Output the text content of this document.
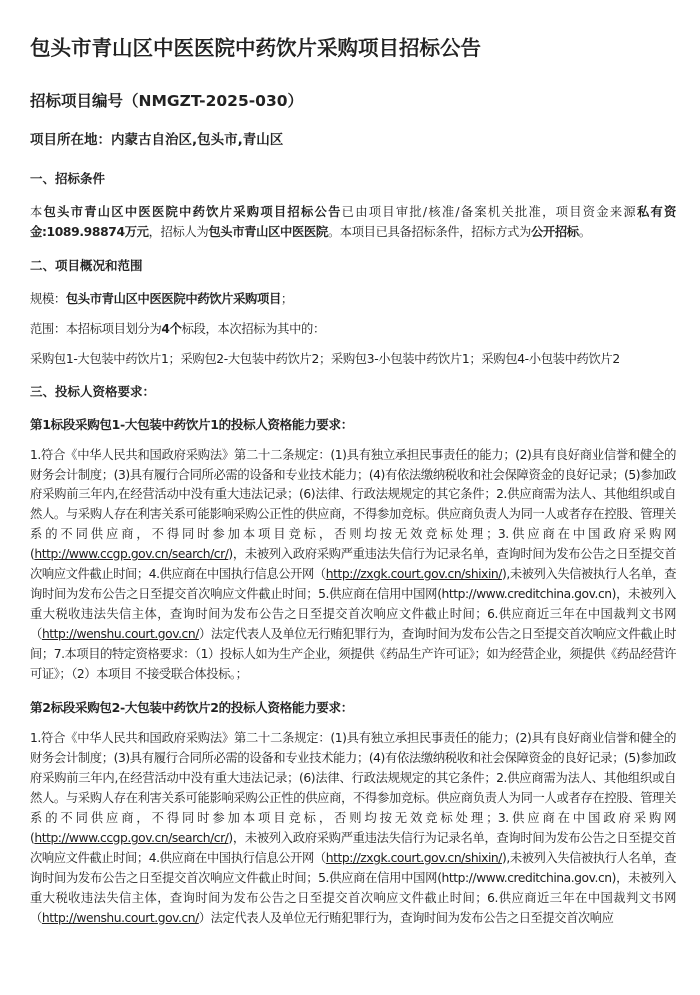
包头市青山区中医医院中药饮片采购项目招标公告
招标项目编号（NMGZT-2025-030）
项目所在地：内蒙古自治区,包头市,青山区
一、招标条件

本包头市青山区中医医院中药饮片采购项目招标公告已由项目审批/核准/备案机关批准，项目资金来源私有资金:1089.98874万元，招标人为包头市青山区中医医院。本项目已具备招标条件，招标方式为公开招标。

二、项目概况和范围

规模：包头市青山区中医医院中药饮片采购项目；

范围：本招标项目划分为4个标段，本次招标为其中的：

采购包1-大包装中药饮片1；采购包2-大包装中药饮片2；采购包3-小包装中药饮片1；采购包4-小包装中药饮片2

三、投标人资格要求：
第1标段采购包1-大包装中药饮片1的投标人资格能力要求：

1.符合《中华人民共和国政府采购法》第二十二条规定：(1)具有独立承担民事责任的能力；(2)具有良好商业信誉和健全的财务会计制度；(3)具有履行合同所必需的设备和专业技术能力；(4)有依法缴纳税收和社会保障资金的良好记录；(5)参加政府采购前三年内,在经营活动中没有重大违法记录；(6)法律、行政法规规定的其它条件；2.供应商需为法人、其他组织或自然人。与采购人存在利害关系可能影响采购公正性的供应商，不得参加竞标。供应商负责人为同一人或者存在控股、管理关系的不同供应商，不得同时参加本项目竞标，否则均按无效竞标处理；3.供应商在中国政府采购网(http://www.ccgp.gov.cn/search/cr/)，未被列入政府采购严重违法失信行为记录名单，查询时间为发布公告之日至提交首次响应文件截止时间；4.供应商在中国执行信息公开网（http://zxgk.court.gov.cn/shixin/),未被列入失信被执行人名单，查询时间为发布公告之日至提交首次响应文件截止时间；5.供应商在信用中国网(http://www.creditchina.gov.cn)，未被列入重大税收违法失信主体，查询时间为发布公告之日至提交首次响应文件截止时间；6.供应商近三年在中国裁判文书网（http://wenshu.court.gov.cn/）法定代表人及单位无行贿犯罪行为，查询时间为发布公告之日至提交首次响应文件截止时间；7.本项目的特定资格要求：（1）投标人如为生产企业，须提供《药品生产许可证》；如为经营企业，须提供《药品经营许可证》；（2）本项目 不接受联合体投标。；

第2标段采购包2-大包装中药饮片2的投标人资格能力要求：

1.符合《中华人民共和国政府采购法》第二十二条规定：(1)具有独立承担民事责任的能力；(2)具有良好商业信誉和健全的财务会计制度；(3)具有履行合同所必需的设备和专业技术能力；(4)有依法缴纳税收和社会保障资金的良好记录；(5)参加政府采购前三年内,在经营活动中没有重大违法记录；(6)法律、行政法规规定的其它条件；2.供应商需为法人、其他组织或自然人。与采购人存在利害关系可能影响采购公正性的供应商，不得参加竞标。供应商负责人为同一人或者存在控股、管理关系的不同供应商，不得同时参加本项目竞标，否则均按无效竞标处理；3.供应商在中国政府采购网(http://www.ccgp.gov.cn/search/cr/)，未被列入政府采购严重违法失信行为记录名单，查询时间为发布公告之日至提交首次响应文件截止时间；4.供应商在中国执行信息公开网（http://zxgk.court.gov.cn/shixin/),未被列入失信被执行人名单，查询时间为发布公告之日至提交首次响应文件截止时间；5.供应商在信用中国网(http://www.creditchina.gov.cn)，未被列入重大税收违法失信主体，查询时间为发布公告之日至提交首次响应文件截止时间；6.供应商近三年在中国裁判文书网（http://wenshu.court.gov.cn/）法定代表人及单位无行贿犯罪行为，查询时间为发布公告之日至提交首次响应
